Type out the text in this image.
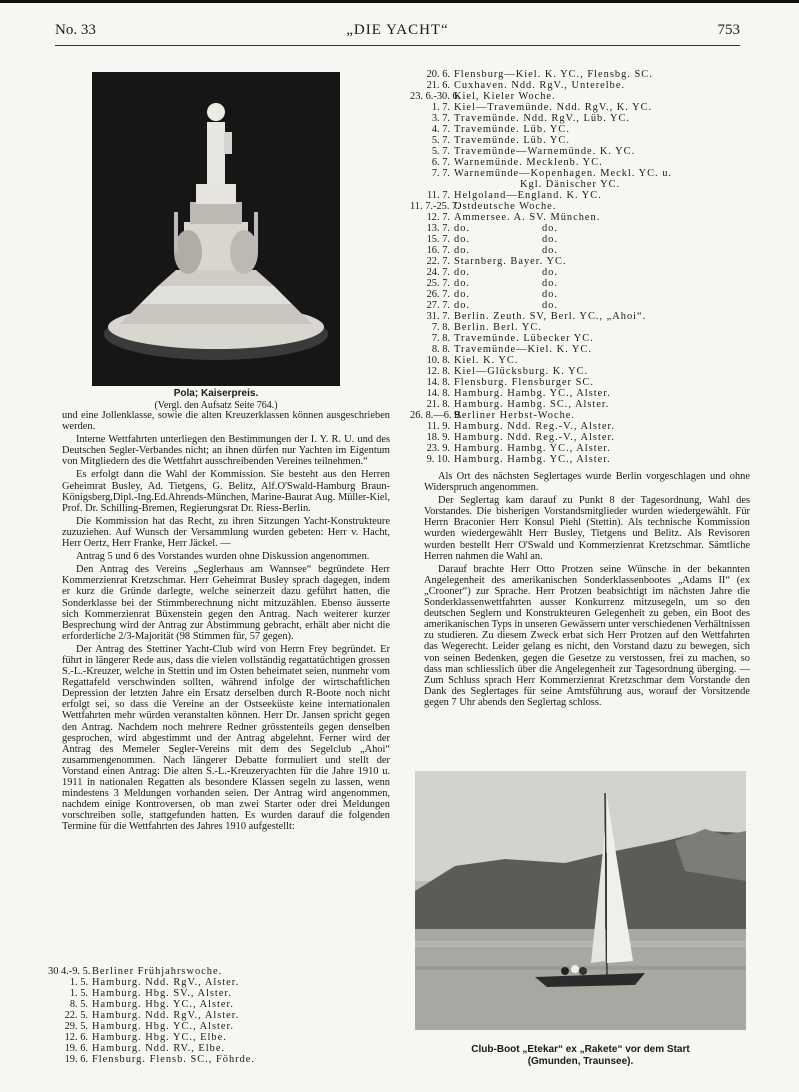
No. 33	„DIE YACHT“	753
Pola; Kaiserpreis.
(Vergl. den Aufsatz Seite 764.)

und eine Jollenklasse, sowie die alten Kreuzerklassen können ausgeschrieben werden.

Interne Wettfahrten unterliegen den Bestimmungen der I. Y. R. U. und des Deutschen Segler-Verbandes nicht; an ihnen dürfen nur Yachten im Eigentum von Mitgliedern des die Wettfahrt ausschreibenden Vereines teilnehmen.“

Es erfolgt dann die Wahl der Kommission. Sie besteht aus den Herren Geheimrat Busley, Ad. Tietgens, G. Belitz, Alf.O'Swald-Hamburg Braun-Königsberg,Dipl.-Ing.Ed.Ahrends-München, Marine-Baurat Aug. Müller-Kiel, Prof. Dr. Schilling-Bremen, Regierungsrat Dr. Riess-Berlin.

Die Kommission hat das Recht, zu ihren Sitzungen Yacht-Konstrukteure zuzuziehen. Auf Wunsch der Versammlung wurden gebeten: Herr v. Hacht, Herr Oertz, Herr Franke, Herr Jäckel. —

Antrag 5 und 6 des Vorstandes wurden ohne Diskussion angenommen.

Den Antrag des Vereins „Seglerhaus am Wannsee“ begründete Herr Kommerzienrat Kretzschmar. Herr Geheimrat Busley sprach dagegen, indem er kurz die Gründe darlegte, welche seinerzeit dazu geführt hatten, die Sonderklasse bei der Stimmberechnung nicht mitzuzählen. Ebenso äusserte sich Kommerzienrat Büxenstein gegen den Antrag. Nach weiterer kurzer Besprechung wird der Antrag zur Abstimmung gebracht, erhält aber nicht die erforderliche 2/3-Majorität (98 Stimmen für, 57 gegen).

Der Antrag des Stettiner Yacht-Club wird von Herrn Frey begründet. Er führt in längerer Rede aus, dass die vielen vollständig regattatüchtigen grossen S.-L.-Kreuzer, welche in Stettin und im Osten beheimatet seien, nunmehr vom Regattafeld verschwinden sollten, während infolge der wirtschaftlichen Depression der letzten Jahre ein Ersatz derselben durch R-Boote noch nicht erfolgt sei, so dass die Vereine an der Ostseeküste keine internationalen Wettfahrten mehr würden veranstalten können. Herr Dr. Jansen spricht gegen den Antrag. Nachdem noch mehrere Redner grösstenteils gegen denselben gesprochen, wird abgestimmt und der Antrag abgelehnt. Ferner wird der Antrag des Memeler Segler-Vereins mit dem des Segelclub „Ahoi“ zusammengenommen. Nach längerer Debatte formuliert und stellt der Vorstand einen Antrag: Die alten S.-L.-Kreuzeryachten für die Jahre 1910 u. 1911 in nationalen Regatten als besondere Klassen segeln zu lassen, wenn mindestens 3 Meldungen vorhanden seien. Der Antrag wird angenommen, nachdem einige Kontroversen, ob man zwei Starter oder drei Meldungen vorschreiben solle, stattgefunden hatten. Es wurden darauf die folgenden Termine für die Wettfahrten des Jahres 1910 aufgestellt:

30 4.-9. 5. Berliner Frühjahrswoche.
1. 5. Hamburg. Ndd. RgV., Alster.
1. 5. Hamburg. Hbg. SV., Alster.
8. 5. Hamburg. Hbg. YC., Alster.
22. 5. Hamburg. Ndd. RgV., Alster.
29. 5. Hamburg. Hbg. YC., Alster.
12. 6. Hamburg. Hbg. YC., Elbe.
19. 6. Hamburg. Ndd. RV., Elbe.
19. 6. Flensburg. Flensb. SC., Föhrde.
20. 6. Flensburg—Kiel. K. YC., Flensbg. SC.
21. 6. Cuxhaven. Ndd. RgV., Unterelbe.
23. 6.-30. 6.
Kiel, Kieler Woche.
1. 7. Kiel—Travemünde. Ndd. RgV., K. YC.
3. 7. Travemünde. Ndd. RgV., Lüb. YC.
4. 7. Travemünde. Lüb. YC.
5. 7. Travemünde. Lüb. YC.
5. 7. Travemünde—Warnemünde. K. YC.
6. 7. Warnemünde. Mecklenb. YC.
7. 7. Warnemünde—Kopenhagen. Meckl. YC. u.
Kgl. Dänischer YC.
11. 7. Helgoland—England. K. YC.
11. 7.-25. 7.
Ostdeutsche Woche.
12. 7. Ammersee. A. SV. München.
13. 7. do.                    do.
15. 7. do.                    do.
16. 7. do.                    do.
22. 7. Starnberg. Bayer. YC.
24. 7. do.                    do.
25. 7. do.                    do.
26. 7. do.                    do.
27. 7. do.                    do.
31. 7. Berlin. Zeuth. SV, Berl. YC., „Ahoi“.
7. 8. Berlin. Berl. YC.
7. 8. Travemünde. Lübecker YC.
8. 8. Travemünde—Kiel. K. YC.
10. 8. Kiel. K. YC.
12. 8. Kiel—Glücksburg. K. YC.
14. 8. Flensburg. Flensburger SC.
14. 8. Hamburg. Hambg. YC., Alster.
21. 8. Hamburg. Hambg. SC., Alster.
26. 8.—6. 9.
Berliner Herbst-Woche.
11. 9. Hamburg. Ndd. Reg.-V., Alster.
18. 9. Hamburg. Ndd. Reg.-V., Alster.
23. 9. Hamburg. Hambg. YC., Alster.
9. 10. Hamburg. Hambg. YC., Alster.

Als Ort des nächsten Seglertages wurde Berlin vorgeschlagen und ohne Widerspruch angenommen.

Der Seglertag kam darauf zu Punkt 8 der Tagesordnung, Wahl des Vorstandes. Die bisherigen Vorstandsmitglieder wurden wiedergewählt. Für Herrn Braconier Herr Konsul Piehl (Stettin). Als technische Kommission wurden wiedergewählt Herr Busley, Tietgens und Belitz. Als Revisoren wurden bestellt Herr O'Swald und Kommerzienrat Kretzschmar. Sämtliche Herren nahmen die Wahl an.

Darauf brachte Herr Otto Protzen seine Wünsche in der bekannten Angelegenheit des amerikanischen Sonderklassenbootes „Adams II“ (ex „Crooner“) zur Sprache. Herr Protzen beabsichtigt im nächsten Jahre die Sonderklassenwettfahrten ausser Konkurrenz mitzusegeln, um so den deutschen Seglern und Konstrukteuren Gelegenheit zu geben, ein Boot des amerikanischen Typs in unseren Gewässern unter verschiedenen Verhältnissen zu studieren. Zu diesem Zweck erbat sich Herr Protzen auf den Wettfahrten das Wegerecht. Leider gelang es nicht, den Vorstand dazu zu bewegen, sich von seinen Bedenken, gegen die Gesetze zu verstossen, frei zu machen, so dass man schliesslich über die Angelegenheit zur Tagesordnung überging. — Zum Schluss sprach Herr Kommerzienrat Kretzschmar dem Vorstande den Dank des Seglertages für seine Amtsführung aus, worauf der Vorsitzende gegen 7 Uhr abends den Seglertag schloss.

Club-Boot „Etekar“ ex „Rakete“ vor dem Start
(Gmunden, Traunsee).
